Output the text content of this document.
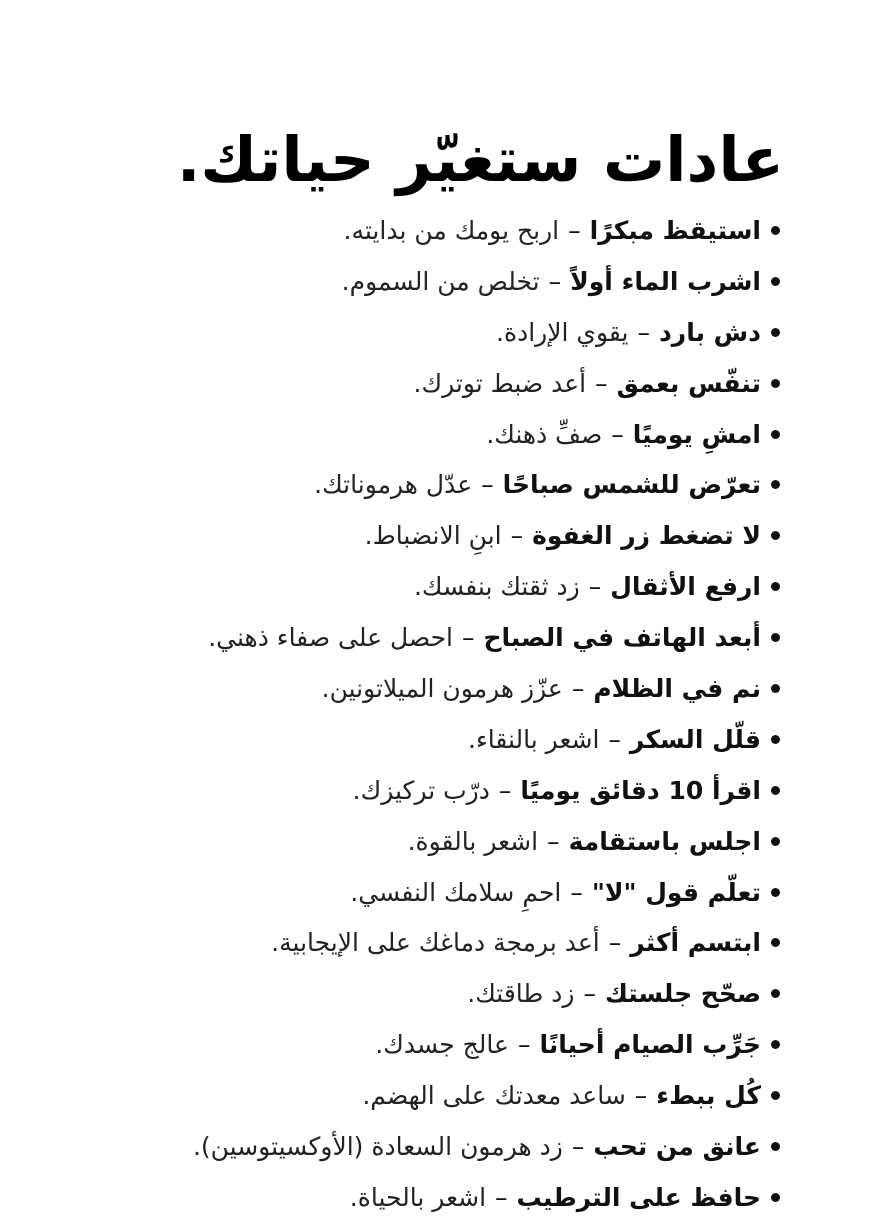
عادات ستغيّر حياتك.
استيقظ مبكرًا
–
اربح يومك من بدايته.
اشرب الماء أولاً
–
تخلص من السموم.
دش بارد
–
يقوي الإرادة.
تنفّس بعمق
–
أعد ضبط توترك.
امشِ يوميًا
–
صفِّ ذهنك.
تعرّض للشمس صباحًا
–
عدّل هرموناتك.
لا تضغط زر الغفوة
–
ابنِ الانضباط.
ارفع الأثقال
–
زد ثقتك بنفسك.
أبعد الهاتف في الصباح
–
احصل على صفاء ذهني.
نم في الظلام
–
عزّز هرمون الميلاتونين.
قلّل السكر
–
اشعر بالنقاء.
اقرأ 10 دقائق يوميًا
–
درّب تركيزك.
اجلس باستقامة
–
اشعر بالقوة.
تعلّم قول "لا"
–
احمِ سلامك النفسي.
ابتسم أكثر
–
أعد برمجة دماغك على الإيجابية.
صحّح جلستك
–
زد طاقتك.
جَرِّب الصيام أحيانًا
–
عالج جسدك.
كُل ببطء
–
ساعد معدتك على الهضم.
عانق من تحب
–
زد هرمون السعادة (الأوكسيتوسين).
حافظ على الترطيب
–
اشعر بالحياة.
